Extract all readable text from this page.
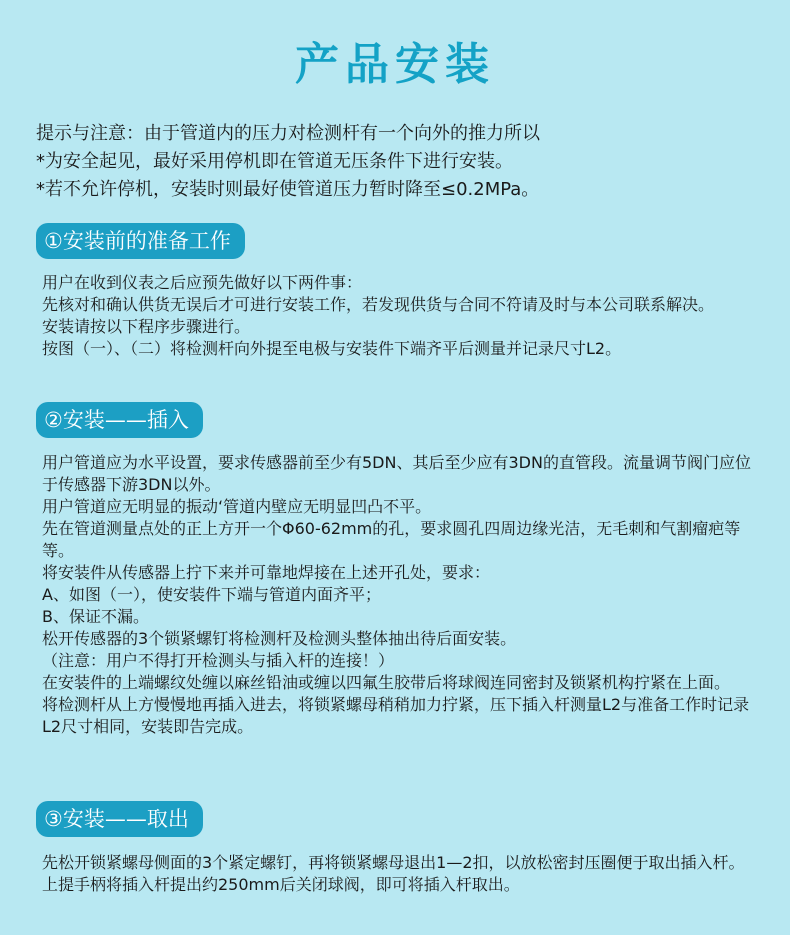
产品安装
提示与注意：由于管道内的压力对检测杆有一个向外的推力所以
*为安全起见，最好采用停机即在管道无压条件下进行安装。
*若不允许停机，安装时则最好使管道压力暂时降至≤0.2MPa。
①安装前的准备工作
用户在收到仪表之后应预先做好以下两件事：
先核对和确认供货无误后才可进行安装工作，若发现供货与合同不符请及时与本公司联系解决。
安装请按以下程序步骤进行。
按图（一）、（二）将检测杆向外提至电极与安装件下端齐平后测量并记录尺寸L2。
②安装——插入
用户管道应为水平设置，要求传感器前至少有5DN、其后至少应有3DN的直管段。流量调节阀门应位于传感器下游3DN以外。
用户管道应无明显的振动‘管道内壁应无明显凹凸不平。
先在管道测量点处的正上方开一个Φ60-62mm的孔，要求圆孔四周边缘光洁，无毛刺和气割瘤疤等等。
将安装件从传感器上拧下来并可靠地焊接在上述开孔处，要求：
A、如图（一），使安装件下端与管道内面齐平；
B、保证不漏。
松开传感器的3个锁紧螺钉将检测杆及检测头整体抽出待后面安装。
（注意：用户不得打开检测头与插入杆的连接！）
在安装件的上端螺纹处缠以麻丝铅油或缠以四氟生胶带后将球阀连同密封及锁紧机构拧紧在上面。
将检测杆从上方慢慢地再插入进去，将锁紧螺母稍稍加力拧紧，压下插入杆测量L2与准备工作时记录L2尺寸相同，安装即告完成。
③安装——取出
先松开锁紧螺母侧面的3个紧定螺钉，再将锁紧螺母退出1—2扣，以放松密封压圈便于取出插入杆。
上提手柄将插入杆提出约250mm后关闭球阀，即可将插入杆取出。
